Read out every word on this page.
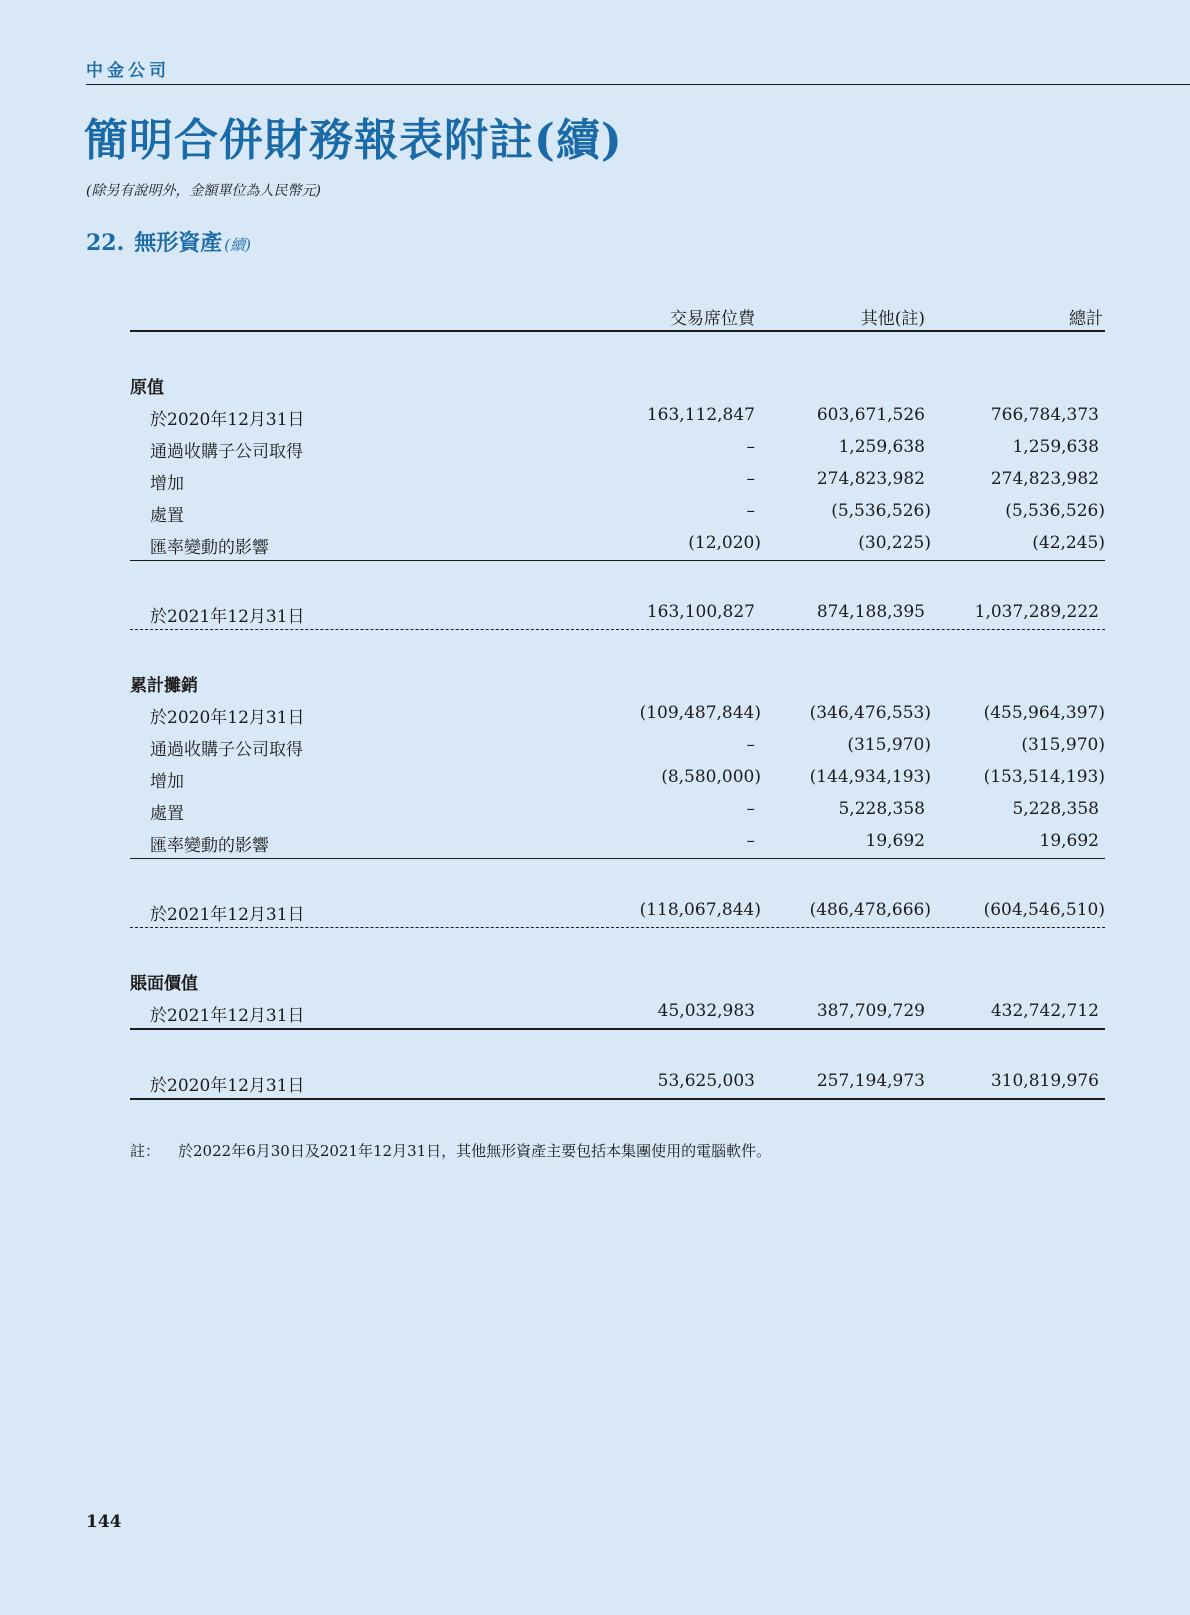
中金公司
簡明合併財務報表附註(續)
(除另有說明外，金額單位為人民幣元)
22. 無形資產 (續)
交易席位費	其他(註)	總計
原值
於2020年12月31日	163,112,847	603,671,526	766,784,373
通過收購子公司取得	–	1,259,638	1,259,638
增加	–	274,823,982	274,823,982
處置	–	(5,536,526)	(5,536,526)
匯率變動的影響	(12,020)	(30,225)	(42,245)
於2021年12月31日	163,100,827	874,188,395	1,037,289,222
累計攤銷
於2020年12月31日	(109,487,844)	(346,476,553)	(455,964,397)
通過收購子公司取得	–	(315,970)	(315,970)
增加	(8,580,000)	(144,934,193)	(153,514,193)
處置	–	5,228,358	5,228,358
匯率變動的影響	–	19,692	19,692
於2021年12月31日	(118,067,844)	(486,478,666)	(604,546,510)
賬面價值
於2021年12月31日	45,032,983	387,709,729	432,742,712
於2020年12月31日	53,625,003	257,194,973	310,819,976
註： 於2022年6月30日及2021年12月31日，其他無形資產主要包括本集團使用的電腦軟件。
144
